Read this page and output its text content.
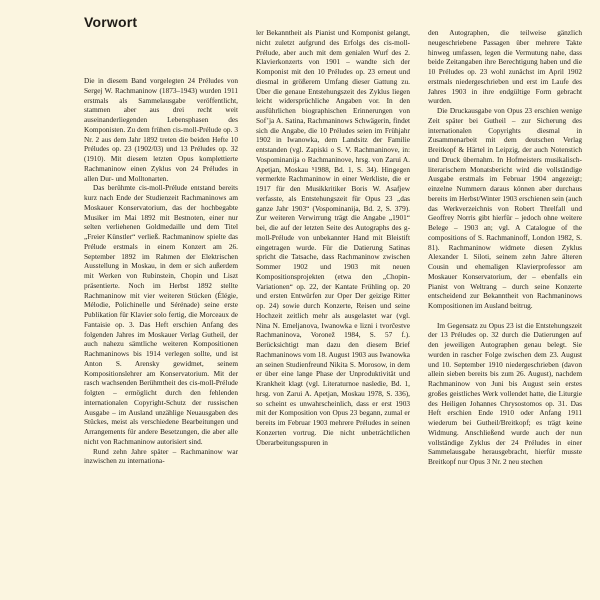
Vorwort

Die in diesem Band vorgelegten 24 Préludes von Sergej W. Rachmaninow (1873–1943) wurden 1911 erstmals als Sammelausgabe veröffentlicht, stammen aber aus drei recht weit auseinanderliegenden Lebensphasen des Komponisten. Zu dem frühen cis-moll-Prélude op. 3 Nr. 2 aus dem Jahr 1892 treten die beiden Hefte 10 Préludes op. 23 (1902/03) und 13 Préludes op. 32 (1910). Mit diesem letzten Opus komplettierte Rachmaninow einen Zyklus von 24 Préludes in allen Dur- und Molltonarten.

Das berühmte cis-moll-Prélude entstand bereits kurz nach Ende der Studienzeit Rachmaninows am Moskauer Konservatorium, das der hochbegabte Musiker im Mai 1892 mit Bestnoten, einer nur selten verliehenen Goldmedaille und dem Titel „Freier Künstler“ verließ. Rachmaninow spielte das Prélude erstmals in einem Konzert am 26. September 1892 im Rahmen der Elektrischen Ausstellung in Moskau, in dem er sich außerdem mit Werken von Rubinstein, Chopin und Liszt präsentierte. Noch im Herbst 1892 stellte Rachmaninow mit vier weiteren Stücken (Élégie, Mélodie, Polichinelle und Sérénade) seine erste Publikation für Klavier solo fertig, die Morceaux de Fantaisie op. 3. Das Heft erschien Anfang des folgenden Jahres im Moskauer Verlag Gutheil, der auch nahezu sämtliche weiteren Kompositionen Rachmaninows bis 1914 verlegen sollte, und ist Anton S. Arensky gewidmet, seinem Kompositionslehrer am Konservatorium. Mit der rasch wachsenden Berühmtheit des cis-moll-Prélude folgten – ermöglicht durch den fehlenden internationalen Copyright-Schutz der russischen Ausgabe – im Ausland unzählige Neuausgaben des Stückes, meist als verschiedene Bearbeitungen und Arrangements für andere Besetzungen, die aber alle nicht von Rachmaninow autorisiert sind.

Rund zehn Jahre später – Rachmaninow war inzwischen zu internationa-

ler Bekanntheit als Pianist und Komponist gelangt, nicht zuletzt aufgrund des Erfolgs des cis-moll-Prélude, aber auch mit dem genialen Wurf des 2. Klavierkonzerts von 1901 – wandte sich der Komponist mit den 10 Préludes op. 23 erneut und diesmal in größerem Umfang dieser Gattung zu. Über die genaue Entstehungszeit des Zyklus liegen leicht widersprüchliche Angaben vor. In den ausführlichen biographischen Erinnerungen von Sof’ja A. Satina, Rachmaninows Schwägerin, findet sich die Angabe, die 10 Préludes seien im Frühjahr 1902 in Iwanowka, dem Landsitz der Familie entstanden (vgl. Zapiski o S. V. Rachmaninove, in: Vospominanija o Rachmaninove, hrsg. von Zarui A. Apetjan, Moskau ⁵1988, Bd. 1, S. 34). Hingegen vermerkte Rachmaninow in einer Werkliste, die er 1917 für den Musikkritiker Boris W. Asafjew verfasste, als Entstehungszeit für Opus 23 „das ganze Jahr 1903“ (Vospominanija, Bd. 2, S. 379). Zur weiteren Verwirrung trägt die Angabe „1901“ bei, die auf der letzten Seite des Autographs des g-moll-Prélude von unbekannter Hand mit Bleistift eingetragen wurde. Für die Datierung Satinas spricht die Tatsache, dass Rachmaninow zwischen Sommer 1902 und 1903 mit neuen Kompositionsprojekten (etwa den „Chopin-Variationen“ op. 22, der Kantate Frühling op. 20 und ersten Entwürfen zur Oper Der geizige Ritter op. 24) sowie durch Konzerte, Reisen und seine Hochzeit zeitlich mehr als ausgelastet war (vgl. Nina N. Emeljanova, Iwanowka e lizni i tvorčestve Rachmaninova, Voronež 1984, S. 57 f.). Berücksichtigt man dazu den diesem Brief Rachmaninows vom 18. August 1903 aus Iwanowka an seinen Studienfreund Nikita S. Morosow, in dem er über eine lange Phase der Unproduktivität und Krankheit klagt (vgl. Literaturnoe nasledie, Bd. 1, hrsg. von Zarui A. Apetjan, Moskau 1978, S. 336), so scheint es unwahrscheinlich, dass er erst 1903 mit der Komposition von Opus 23 begann, zumal er bereits im Februar 1903 mehrere Préludes in seinen Konzerten vortrug. Die nicht unbeträchtlichen Überarbeitungsspuren in

den Autographen, die teilweise gänzlich neugeschriebene Passagen über mehrere Takte hinweg umfassen, legen die Vermutung nahe, dass beide Zeitangaben ihre Berechtigung haben und die 10 Préludes op. 23 wohl zunächst im April 1902 erstmals niedergeschrieben und erst im Laufe des Jahres 1903 in ihre endgültige Form gebracht wurden.

Die Druckausgabe von Opus 23 erschien wenige Zeit später bei Gutheil – zur Sicherung des internationalen Copyrights diesmal in Zusammenarbeit mit dem deutschen Verlag Breitkopf & Härtel in Leipzig, der auch Notenstich und Druck übernahm. In Hofmeisters musikalisch-literarischem Monatsbericht wird die vollständige Ausgabe erstmals im Februar 1904 angezeigt; einzelne Nummern daraus können aber durchaus bereits im Herbst/Winter 1903 erschienen sein (auch das Werkverzeichnis von Robert Threlfall und Geoffrey Norris gibt hierfür – jedoch ohne weitere Belege – 1903 an; vgl. A Catalogue of the compositions of S. Rachmaninoff, London 1982, S. 81). Rachmaninow widmete diesen Zyklus Alexander I. Siloti, seinem zehn Jahre älteren Cousin und ehemaligen Klavierprofessor am Moskauer Konservatorium, der – ebenfalls ein Pianist von Weltrang – durch seine Konzerte entscheidend zur Bekanntheit von Rachmaninows Kompositionen im Ausland beitrug.

Im Gegensatz zu Opus 23 ist die Entstehungszeit der 13 Préludes op. 32 durch die Datierungen auf den jeweiligen Autographen genau belegt. Sie wurden in rascher Folge zwischen dem 23. August und 10. September 1910 niedergeschrieben (davon allein sieben bereits bis zum 26. August), nachdem Rachmaninow von Juni bis August sein erstes großes geistliches Werk vollendet hatte, die Liturgie des Heiligen Johannes Chrysostomos op. 31. Das Heft erschien Ende 1910 oder Anfang 1911 wiederum bei Gutheil/Breitkopf; es trägt keine Widmung. Anschließend wurde auch der nun vollständige Zyklus der 24 Préludes in einer Sammelausgabe herausgebracht, hierfür musste Breitkopf nur Opus 3 Nr. 2 neu stechen
